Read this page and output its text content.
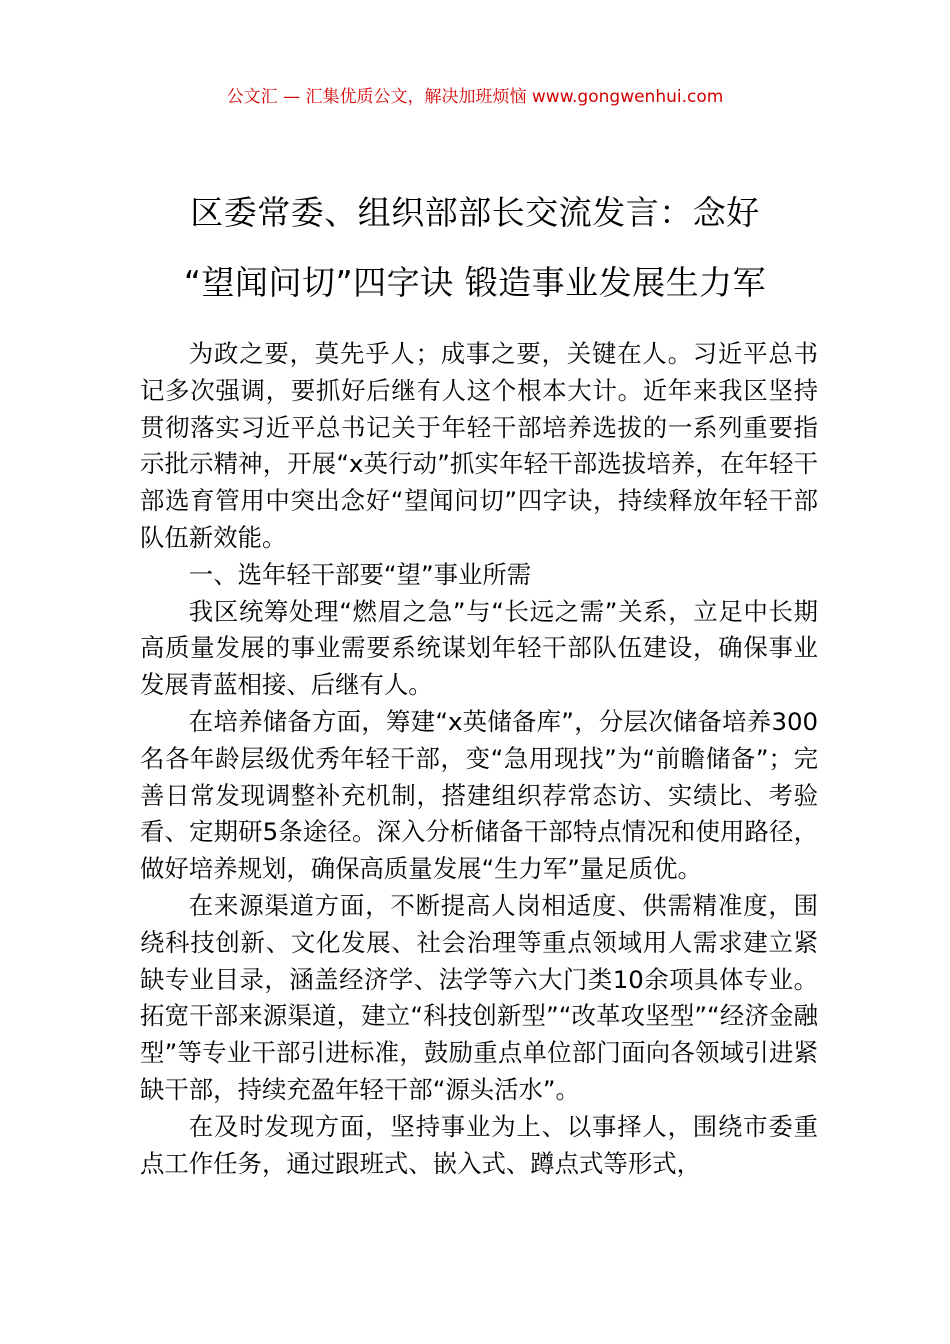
公文汇 — 汇集优质公文，解决加班烦恼 www.gongwenhui.com
区委常委、组织部部长交流发言：念好
“望闻问切”四字诀 锻造事业发展生力军

为政之要，莫先乎人；成事之要，关键在人。习近平总书记多次强调，要抓好后继有人这个根本大计。近年来我区坚持贯彻落实习近平总书记关于年轻干部培养选拔的一系列重要指示批示精神，开展“x英行动”抓实年轻干部选拔培养，在年轻干部选育管用中突出念好“望闻问切”四字诀，持续释放年轻干部队伍新效能。

一、选年轻干部要“望”事业所需

我区统筹处理“燃眉之急”与“长远之需”关系，立足中长期高质量发展的事业需要系统谋划年轻干部队伍建设，确保事业发展青蓝相接、后继有人。

在培养储备方面，筹建“x英储备库”，分层次储备培养300名各年龄层级优秀年轻干部，变“急用现找”为“前瞻储备”；完善日常发现调整补充机制，搭建组织荐常态访、实绩比、考验看、定期研5条途径。深入分析储备干部特点情况和使用路径，做好培养规划，确保高质量发展“生力军”量足质优。

在来源渠道方面，不断提高人岗相适度、供需精准度，围绕科技创新、文化发展、社会治理等重点领域用人需求建立紧缺专业目录，涵盖经济学、法学等六大门类10余项具体专业。拓宽干部来源渠道，建立“科技创新型”“改革攻坚型”“经济金融型”等专业干部引进标准，鼓励重点单位部门面向各领域引进紧缺干部，持续充盈年轻干部“源头活水”。

在及时发现方面，坚持事业为上、以事择人，围绕市委重点工作任务，通过跟班式、嵌入式、蹲点式等形式，
